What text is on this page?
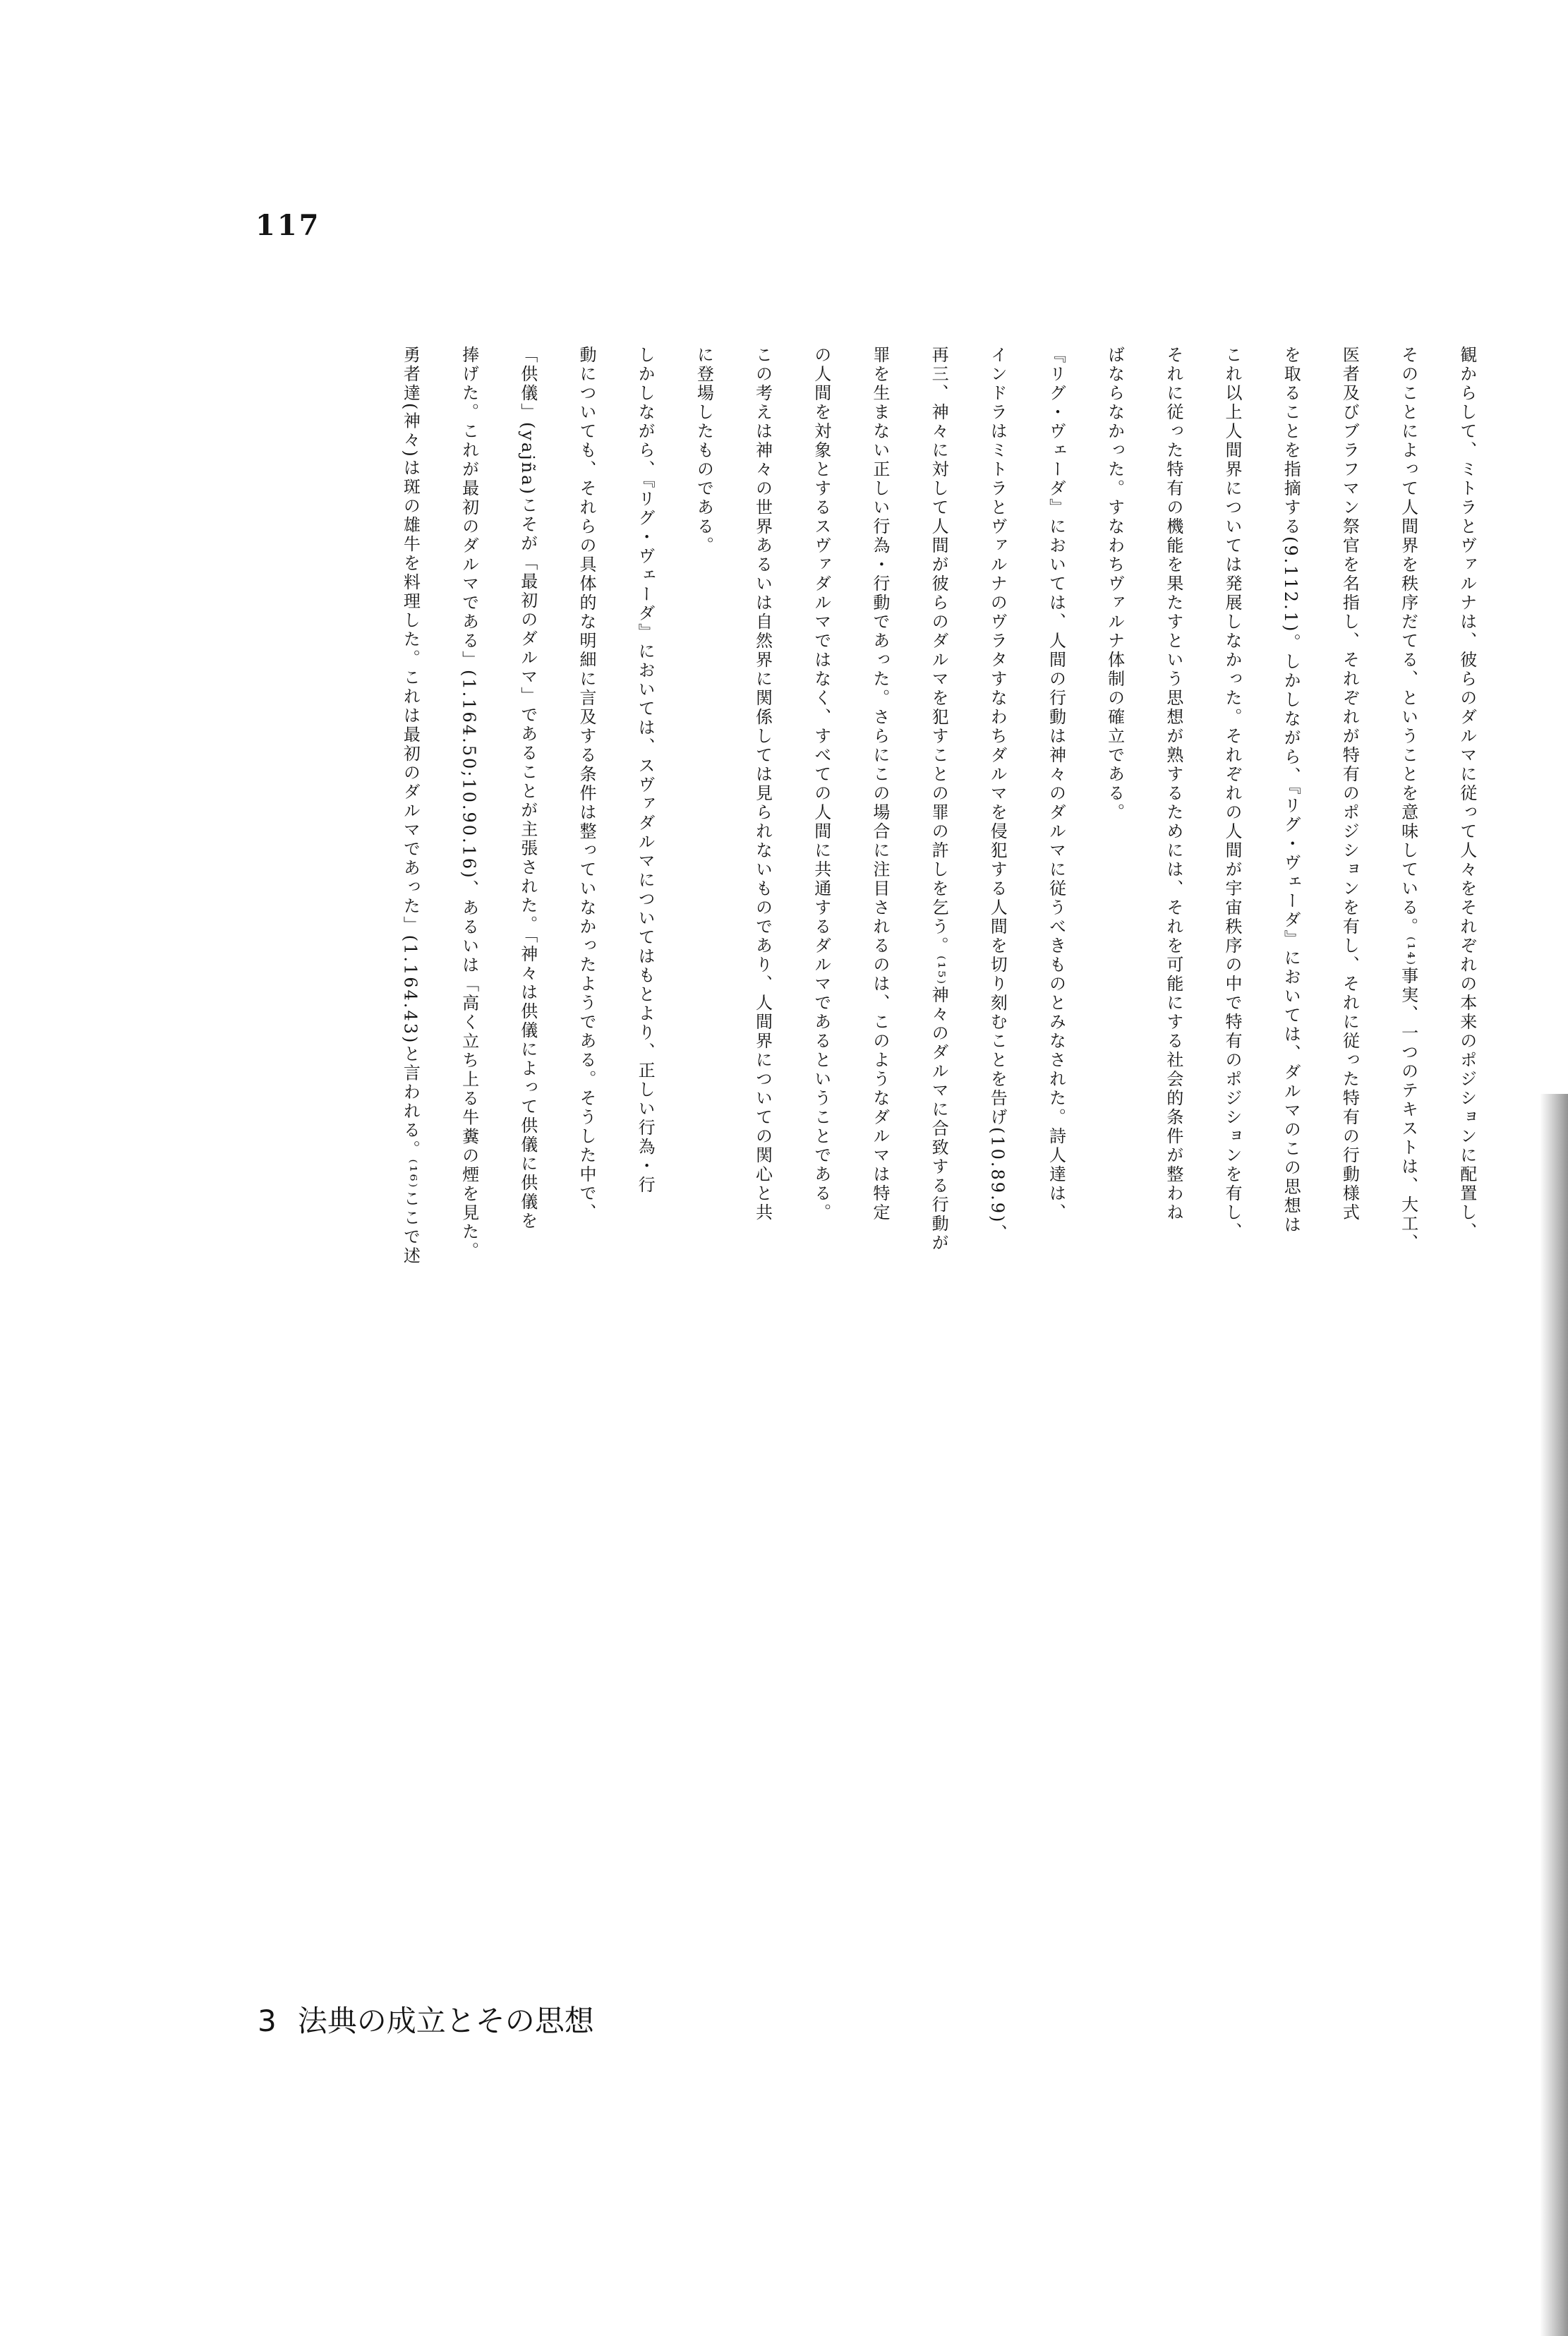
117
観からして、ミトラとヴァルナは、彼らのダルマに従って人々をそれぞれの本来のポジションに配置し、
そのことによって人間界を秩序だてる、ということを意味している。⁽¹⁴⁾事実、一つのテキストは、大工、
医者及びブラフマン祭官を名指し、それぞれが特有のポジションを有し、それに従った特有の行動様式
を取ることを指摘する(9.112.1)。しかしながら、『リグ・ヴェーダ』においては、ダルマのこの思想は
これ以上人間界については発展しなかった。それぞれの人間が宇宙秩序の中で特有のポジションを有し、
それに従った特有の機能を果たすという思想が熟するためには、それを可能にする社会的条件が整わね
ばならなかった。すなわちヴァルナ体制の確立である。
『リグ・ヴェーダ』においては、人間の行動は神々のダルマに従うべきものとみなされた。詩人達は、
インドラはミトラとヴァルナのヴラタすなわちダルマを侵犯する人間を切り刻むことを告げ(10.89.9)、
再三、神々に対して人間が彼らのダルマを犯すことの罪の許しを乞う。⁽¹⁵⁾神々のダルマに合致する行動が
罪を生まない正しい行為・行動であった。さらにこの場合に注目されるのは、このようなダルマは特定
の人間を対象とするスヴァダルマではなく、すべての人間に共通するダルマであるということである。
この考えは神々の世界あるいは自然界に関係しては見られないものであり、人間界についての関心と共
に登場したものである。
しかしながら、『リグ・ヴェーダ』においては、スヴァダルマについてはもとより、正しい行為・行
動についても、それらの具体的な明細に言及する条件は整っていなかったようである。そうした中で、
「供儀」(yajña)こそが「最初のダルマ」であることが主張された。「神々は供儀によって供儀に供儀を
捧げた。これが最初のダルマである」(1.164.50;10.90.16)、あるいは「高く立ち上る牛糞の煙を見た。
勇者達(神々)は斑の雄牛を料理した。これは最初のダルマであった」(1.164.43)と言われる。⁽¹⁶⁾ここで述
3 法典の成立とその思想
